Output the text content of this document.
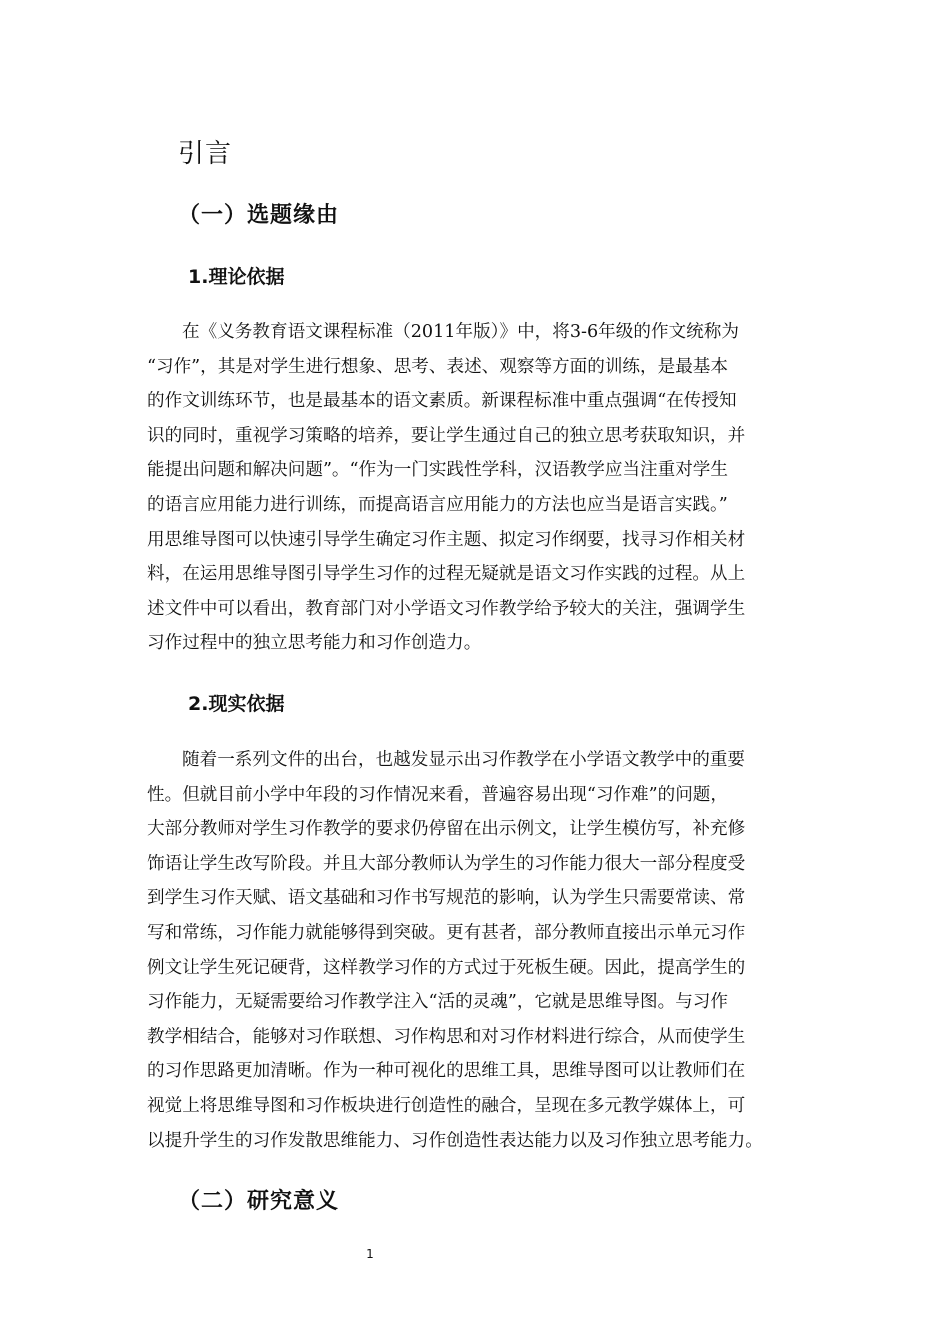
引言
（一）选题缘由
1.理论依据
在《义务教育语文课程标准（2011年版）》中，将3-6年级的作文统称为
“习作”，其是对学生进行想象、思考、表述、观察等方面的训练，是最基本
的作文训练环节，也是最基本的语文素质。新课程标准中重点强调“在传授知
识的同时，重视学习策略的培养，要让学生通过自己的独立思考获取知识，并
能提出问题和解决问题”。“作为一门实践性学科，汉语教学应当注重对学生
的语言应用能力进行训练，而提高语言应用能力的方法也应当是语言实践。”
用思维导图可以快速引导学生确定习作主题、拟定习作纲要，找寻习作相关材
料，在运用思维导图引导学生习作的过程无疑就是语文习作实践的过程。从上
述文件中可以看出，教育部门对小学语文习作教学给予较大的关注，强调学生
习作过程中的独立思考能力和习作创造力。
2.现实依据
随着一系列文件的出台，也越发显示出习作教学在小学语文教学中的重要
性。但就目前小学中年段的习作情况来看，普遍容易出现“习作难”的问题，
大部分教师对学生习作教学的要求仍停留在出示例文，让学生模仿写，补充修
饰语让学生改写阶段。并且大部分教师认为学生的习作能力很大一部分程度受
到学生习作天赋、语文基础和习作书写规范的影响，认为学生只需要常读、常
写和常练，习作能力就能够得到突破。更有甚者，部分教师直接出示单元习作
例文让学生死记硬背，这样教学习作的方式过于死板生硬。因此，提高学生的
习作能力，无疑需要给习作教学注入“活的灵魂”，它就是思维导图。与习作
教学相结合，能够对习作联想、习作构思和对习作材料进行综合，从而使学生
的习作思路更加清晰。作为一种可视化的思维工具，思维导图可以让教师们在
视觉上将思维导图和习作板块进行创造性的融合，呈现在多元教学媒体上，可
以提升学生的习作发散思维能力、习作创造性表达能力以及习作独立思考能力。
（二）研究意义
1
